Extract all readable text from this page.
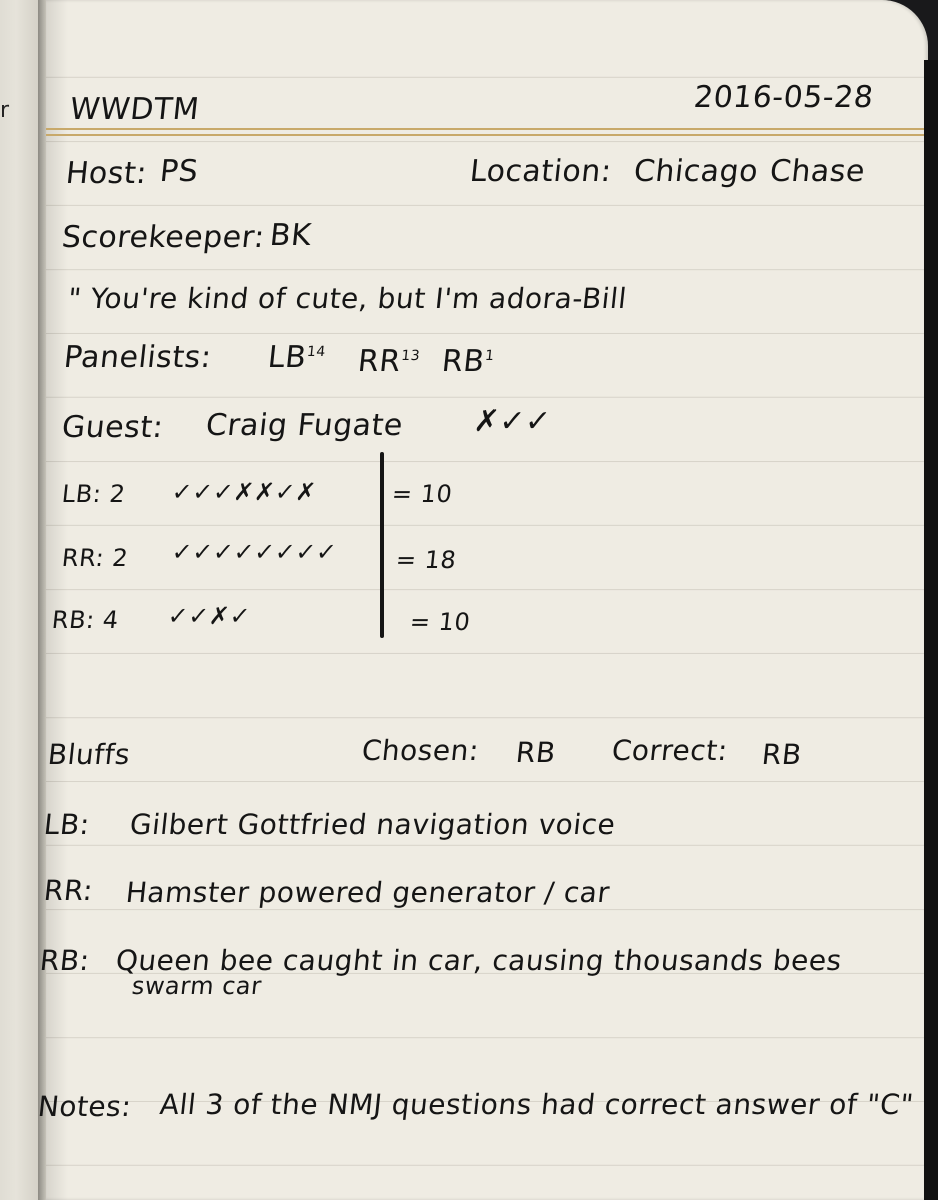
r WWDTM	2016-05-28
Host: PS	Location: Chicago Chase
Scorekeeper: BK
" You're kind of cute, but I'm adora-Bill
Panelists: LB$^{14}$ RR$^{13}$ $RB^1$
Guest: Craig Fugate ✗✓✓
LB: 2 ✓✓✓✗✗✓✗	= 10
RR: 2 ✓✓✓✓✓✓✓✓ = 18
RB: 4 ✓✓✗✓	= 10
Bluffs	Chosen: RB Correct: RB
LB: Gilbert Gottfried navigation voice
RR: Hamster powered generator / car
RB: Queen bee caught in car, causing thousands bees
swarm car
Notes: All 3 of the NMJ questions had correct answer of "C"
